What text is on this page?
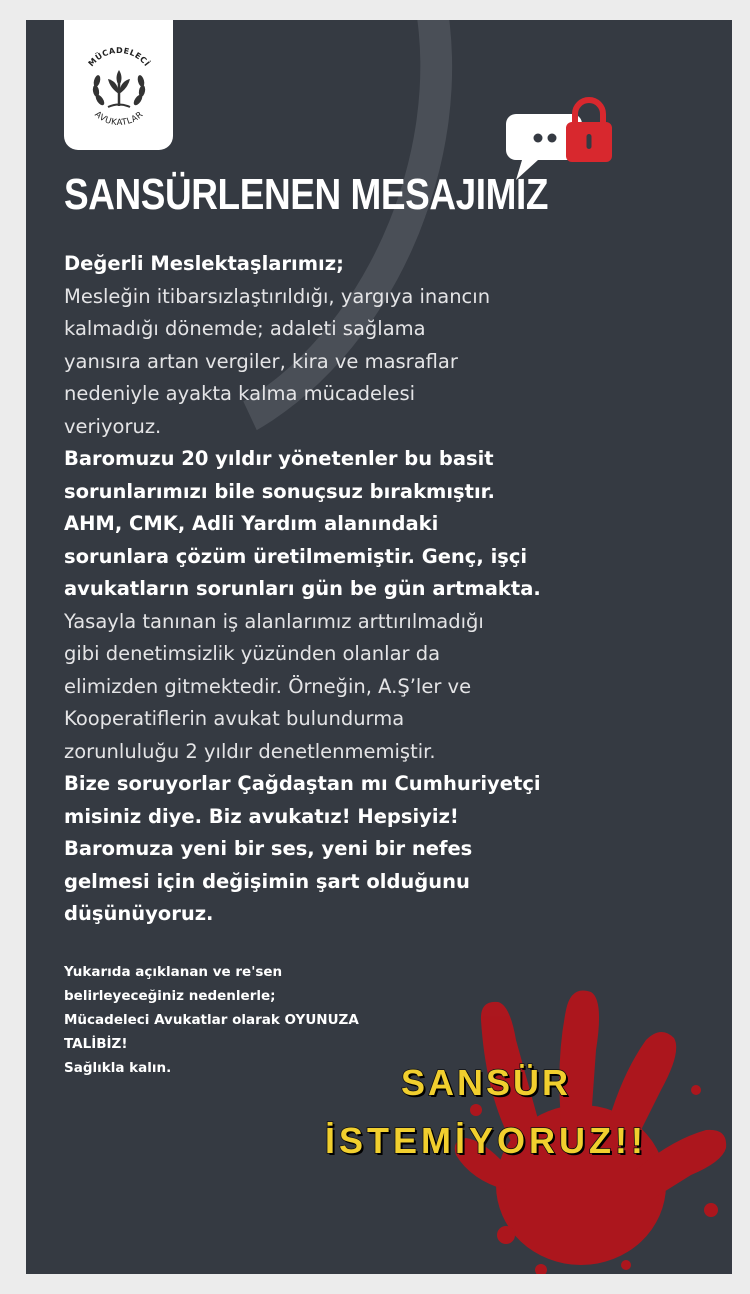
MÜCADELECİ
AVUKATLAR
SANSÜRLENEN MESAJIMIZ
Değerli Meslektaşlarımız;
Mesleğin itibarsızlaştırıldığı, yargıya inancın
kalmadığı dönemde; adaleti sağlama
yanısıra artan vergiler, kira ve masraflar
nedeniyle ayakta kalma mücadelesi
veriyoruz.
Baromuzu 20 yıldır yönetenler bu basit
sorunlarımızı bile sonuçsuz bırakmıştır.
AHM, CMK, Adli Yardım alanındaki
sorunlara çözüm üretilmemiştir. Genç, işçi
avukatların sorunları gün be gün artmakta.
Yasayla tanınan iş alanlarımız arttırılmadığı
gibi denetimsizlik yüzünden olanlar da
elimizden gitmektedir. Örneğin, A.Ş’ler ve
Kooperatiflerin avukat bulundurma
zorunluluğu 2 yıldır denetlenmemiştir.
Bize soruyorlar Çağdaştan mı Cumhuriyetçi
misiniz diye. Biz avukatız! Hepsiyiz!
Baromuza yeni bir ses, yeni bir nefes
gelmesi için değişimin şart olduğunu
düşünüyoruz.
Yukarıda açıklanan ve re'sen
belirleyeceğiniz nedenlerle;
Mücadeleci Avukatlar olarak OYUNUZA
TALİBİZ!
Sağlıkla kalın.	SANSÜR
İSTEMİYORUZ!!
